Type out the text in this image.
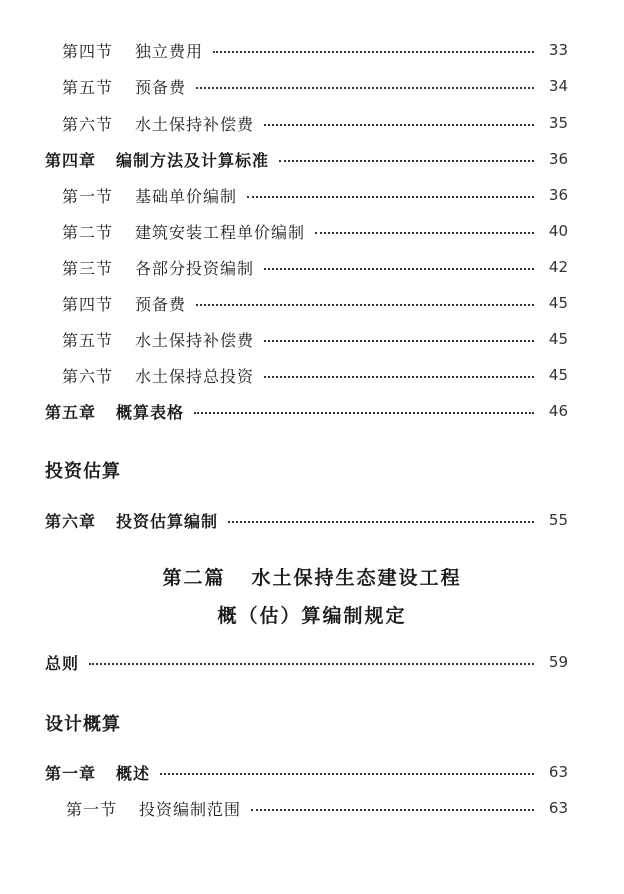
第四节 独立费用	33
第五节 预备费	34
第六节 水土保持补偿费	35
第四章 编制方法及计算标准	36
第一节 基础单价编制	36
第二节 建筑安装工程单价编制	40
第三节 各部分投资编制	42
第四节 预备费	45
第五节 水土保持补偿费	45
第六节 水土保持总投资	45
第五章 概算表格	46
投资估算
第六章 投资估算编制	55
第二篇 水土保持生态建设工程
概（估）算编制规定
总则	59
设计概算
第一章 概述	63
第一节 投资编制范围	63
